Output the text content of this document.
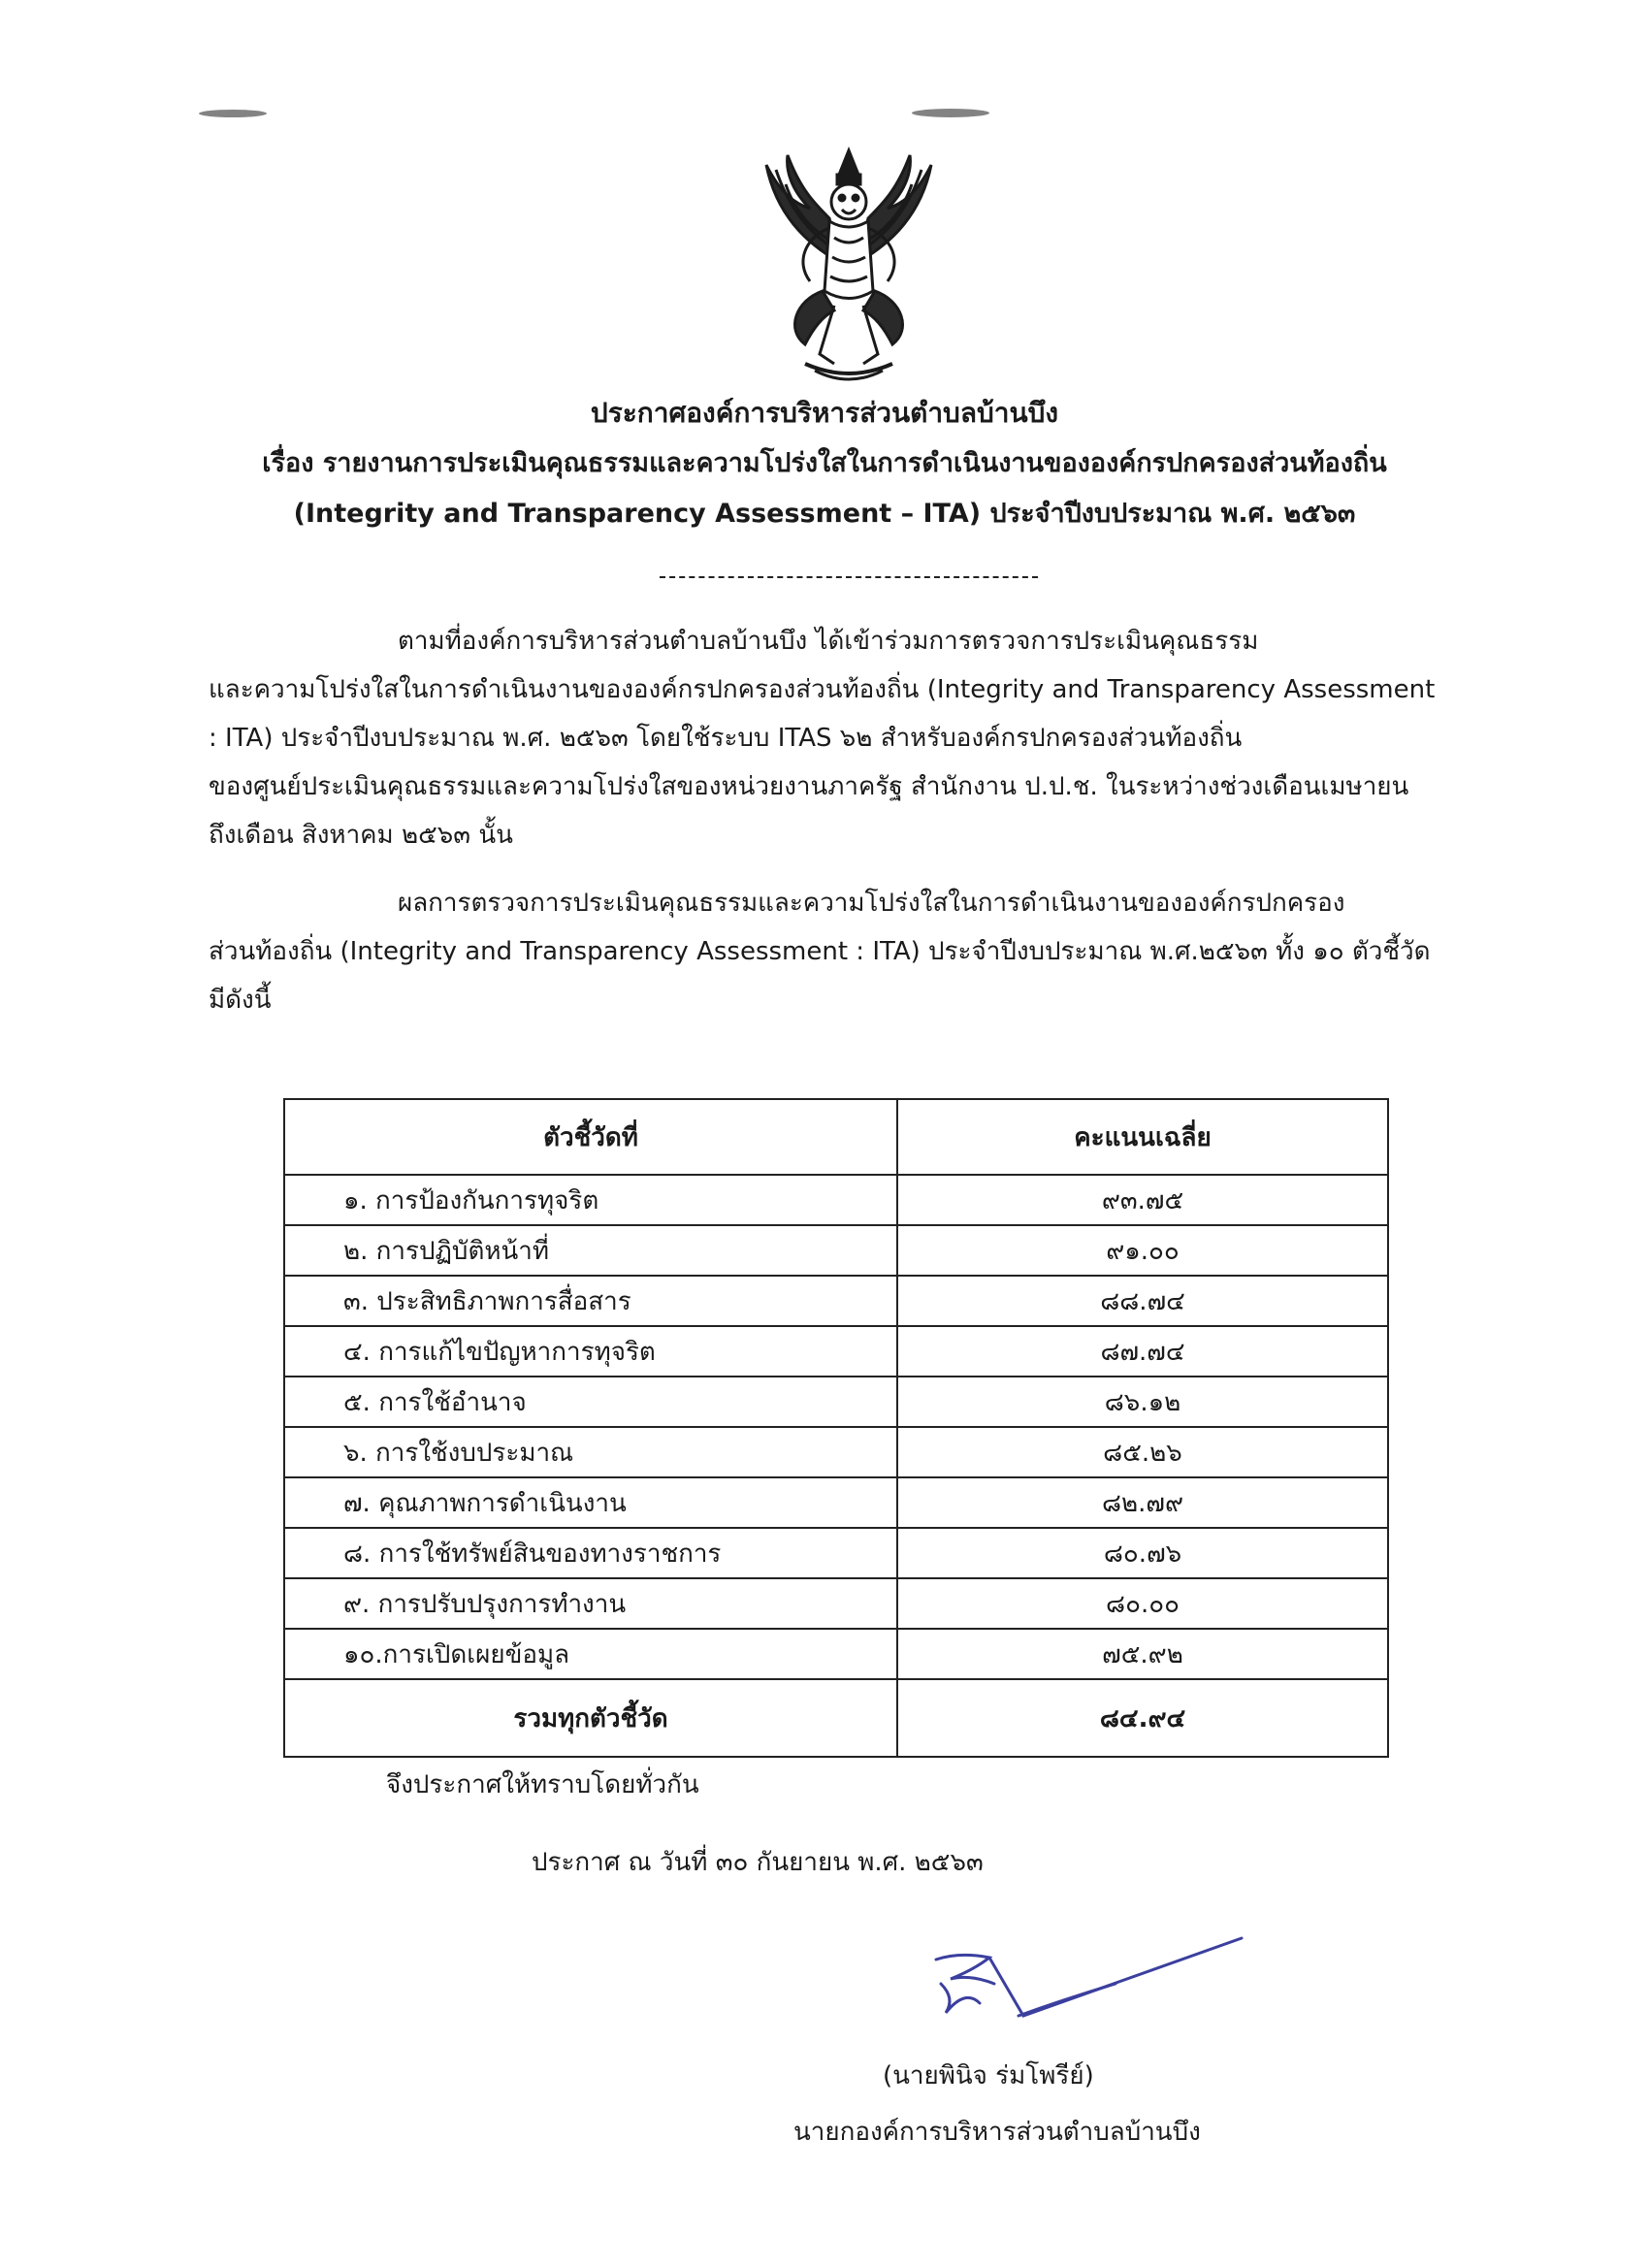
ประกาศองค์การบริหารส่วนตำบลบ้านบึง
เรื่อง รายงานการประเมินคุณธรรมและความโปร่งใสในการดำเนินงานขององค์กรปกครองส่วนท้องถิ่น
(Integrity and Transparency Assessment – ITA) ประจำปีงบประมาณ พ.ศ. ๒๕๖๓
ตามที่องค์การบริหารส่วนตำบลบ้านบึง ได้เข้าร่วมการตรวจการประเมินคุณธรรม
และความโปร่งใสในการดำเนินงานขององค์กรปกครองส่วนท้องถิ่น (Integrity and Transparency Assessment
: ITA) ประจำปีงบประมาณ พ.ศ. ๒๕๖๓ โดยใช้ระบบ ITAS ๖๒ สำหรับองค์กรปกครองส่วนท้องถิ่น
ของศูนย์ประเมินคุณธรรมและความโปร่งใสของหน่วยงานภาครัฐ สำนักงาน ป.ป.ช. ในระหว่างช่วงเดือนเมษายน
ถึงเดือน สิงหาคม ๒๕๖๓ นั้น
ผลการตรวจการประเมินคุณธรรมและความโปร่งใสในการดำเนินงานขององค์กรปกครอง
ส่วนท้องถิ่น (Integrity and Transparency Assessment : ITA) ประจำปีงบประมาณ พ.ศ.๒๕๖๓ ทั้ง ๑๐ ตัวชี้วัด
มีดังนี้
ตัวชี้วัดที่	คะแนนเฉลี่ย
๑. การป้องกันการทุจริต	๙๓.๗๕
๒. การปฏิบัติหน้าที่	๙๑.๐๐
๓. ประสิทธิภาพการสื่อสาร	๘๘.๗๔
๔. การแก้ไขปัญหาการทุจริต	๘๗.๗๔
๕. การใช้อำนาจ	๘๖.๑๒
๖. การใช้งบประมาณ	๘๕.๒๖
๗. คุณภาพการดำเนินงาน	๘๒.๗๙
๘. การใช้ทรัพย์สินของทางราชการ	๘๐.๗๖
๙. การปรับปรุงการทำงาน	๘๐.๐๐
๑๐.การเปิดเผยข้อมูล	๗๕.๙๒
รวมทุกตัวชี้วัด	๘๔.๙๔
จึงประกาศให้ทราบโดยทั่วกัน
ประกาศ ณ วันที่ ๓๐ กันยายน พ.ศ. ๒๕๖๓
(นายพินิจ ร่มโพรีย์)
นายกองค์การบริหารส่วนตำบลบ้านบึง
